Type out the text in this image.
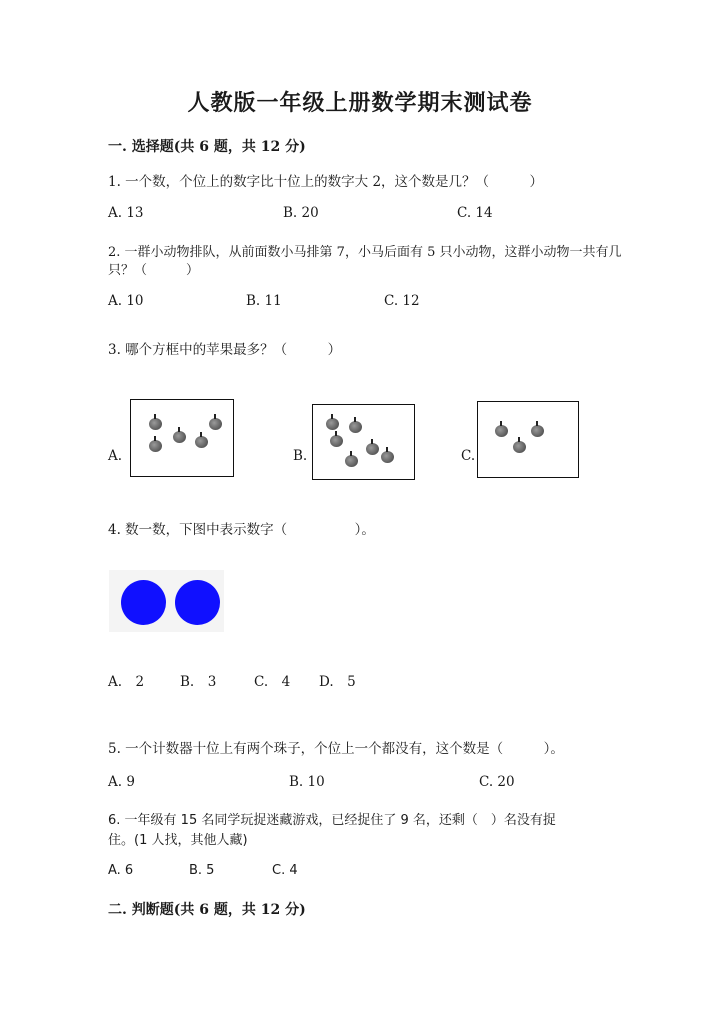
人教版一年级上册数学期末测试卷
一. 选择题(共 6 题，共 12 分)
1. 一个数，个位上的数字比十位上的数字大 2，这个数是几？（　　　）
A. 13	B. 20	C. 14
2. 一群小动物排队，从前面数小马排第 7，小马后面有 5 只小动物，这群小动物一共有几
只？（　　　）
A. 10	B. 11	C. 12
3. 哪个方框中的苹果最多？（　　　）
A.	B.	C.
4. 数一数，下图中表示数字（　　　　　）。
A.　2	B.　3	C.　4 D.　5
5. 一个计数器十位上有两个珠子，个位上一个都没有，这个数是（　　　）。
A. 9	B. 10	C. 20
6. 一年级有 15 名同学玩捉迷藏游戏，已经捉住了 9 名，还剩（　）名没有捉
住。(1 人找，其他人藏)
A. 6	B. 5	C. 4
二. 判断题(共 6 题，共 12 分)
